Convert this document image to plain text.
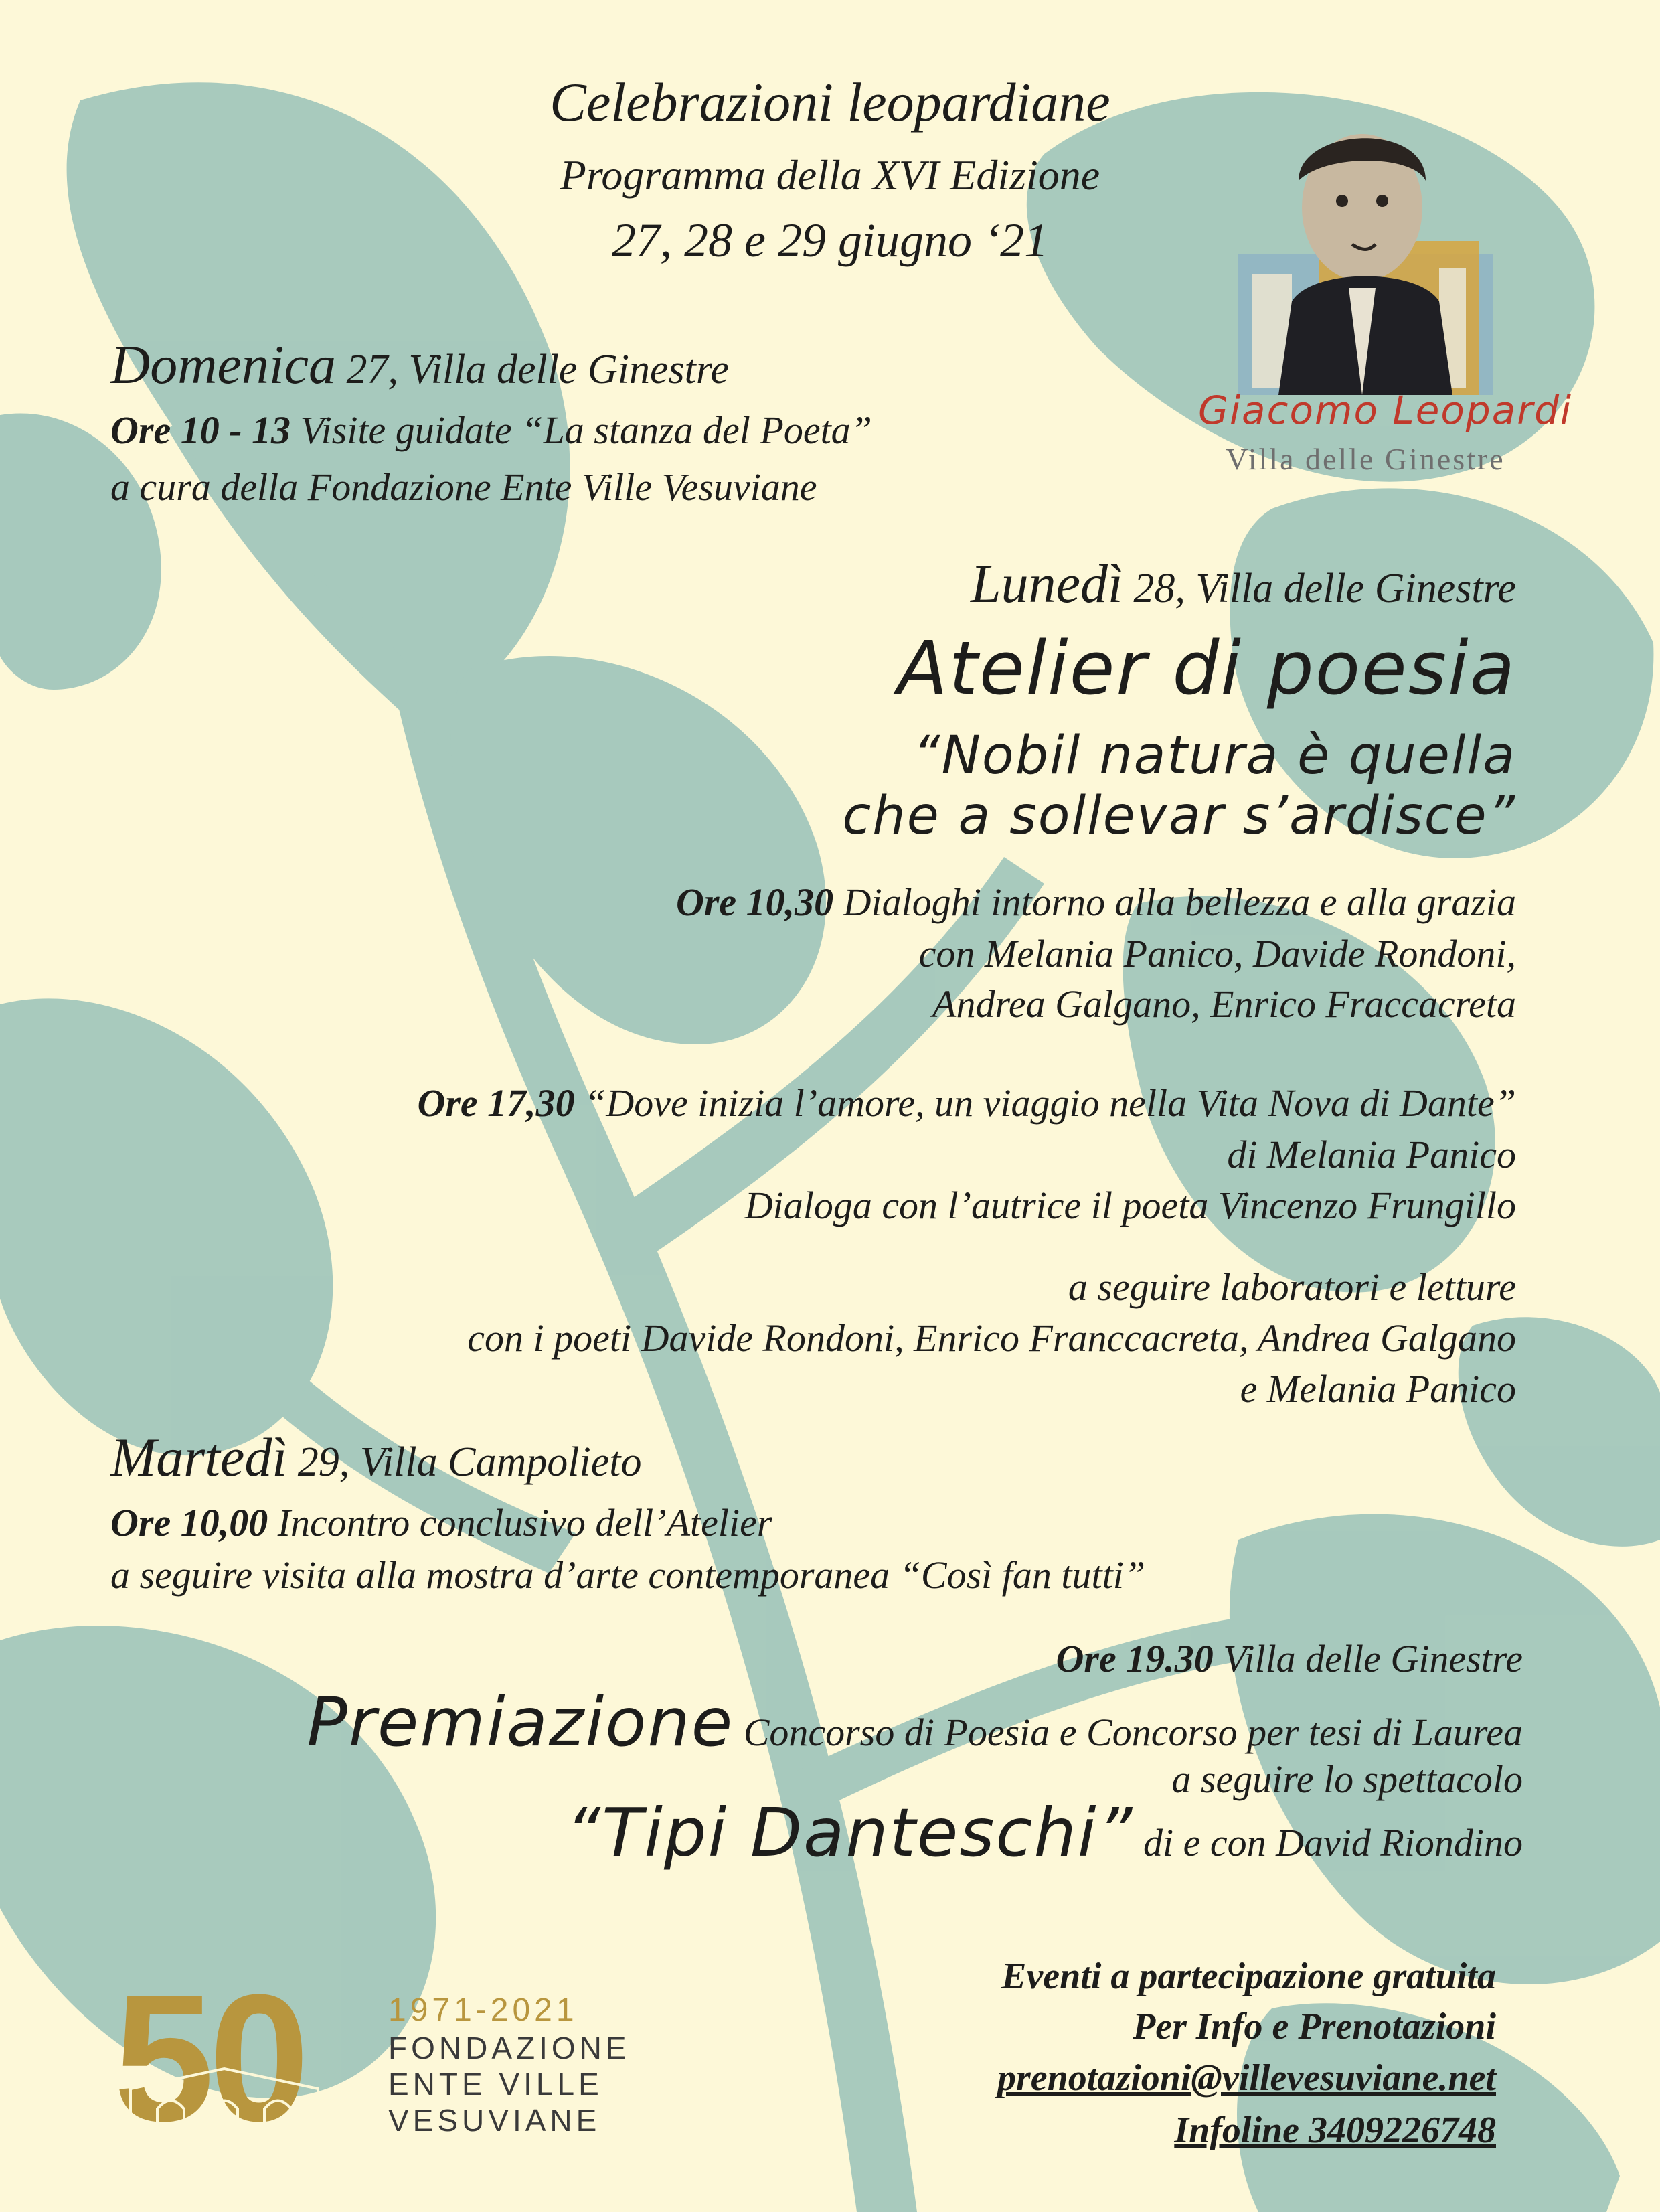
Celebrazioni leopardiane
Programma della XVI Edizione
27, 28 e 29 giugno ‘21
Giacomo Leopardi
Villa delle Ginestre
Domenica 27, Villa delle Ginestre
Ore 10 - 13 Visite guidate “La stanza del Poeta”
a cura della Fondazione Ente Ville Vesuviane
Lunedì 28, Villa delle Ginestre
Atelier di poesia
“Nobil natura è quella
che a sollevar s’ardisce”
Ore 10,30 Dialoghi intorno alla bellezza e alla grazia
con Melania Panico, Davide Rondoni,
Andrea Galgano, Enrico Fraccacreta
Ore 17,30 “Dove inizia l’amore, un viaggio nella Vita Nova di Dante”
di Melania Panico
Dialoga con l’autrice il poeta Vincenzo Frungillo
a seguire laboratori e letture
con i poeti Davide Rondoni, Enrico Franccacreta, Andrea Galgano
e Melania Panico
Martedì 29, Villa Campolieto
Ore 10,00 Incontro conclusivo dell’Atelier
a seguire visita alla mostra d’arte contemporanea “Così fan tutti”
Ore 19.30 Villa delle Ginestre
Premiazione Concorso di Poesia e Concorso per tesi di Laurea
a seguire lo spettacolo
“Tipi Danteschi” di e con David Riondino
Eventi a partecipazione gratuita
Per Info e Prenotazioni
prenotazioni@villevesuviane.net
Infoline 3409226748
50	1971-2021
FONDAZIONE
ENTE VILLE
VESUVIANE
